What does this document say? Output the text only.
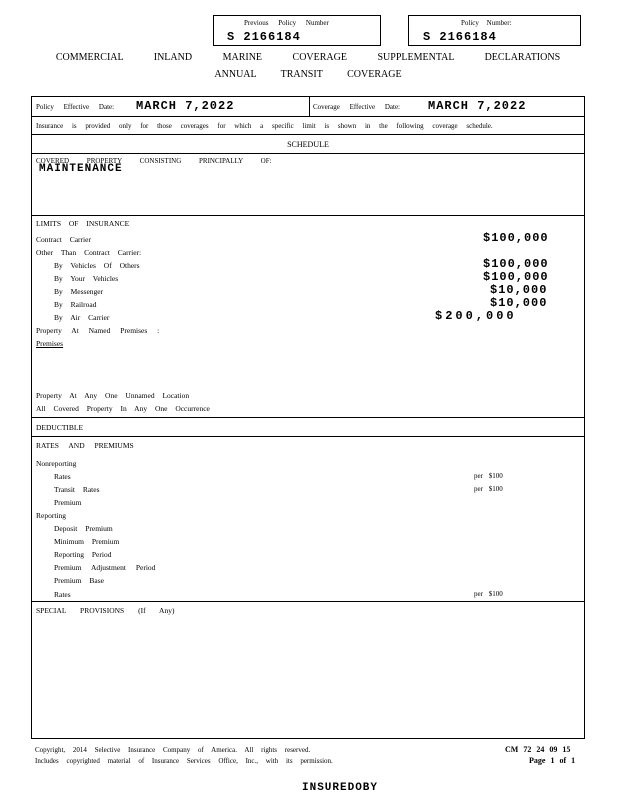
Previous Policy Number
S 2166184
Policy Number:
S 2166184
COMMERCIAL INLAND MARINE COVERAGE SUPPLEMENTAL DECLARATIONS
ANNUAL TRANSIT COVERAGE
Policy Effective Date: MARCH 7,2022	Coverage Effective Date: MARCH 7,2022
Insurance is provided only for those coverages for which a specific limit is shown in the following coverage schedule.
SCHEDULE
COVERED PROPERTY CONSISTING PRINCIPALLY OF:
MAINTENANCE
LIMITS OF INSURANCE
Contract Carrier	$100,000
Other Than Contract Carrier:
By Vehicles Of Others	$100,000
By Your Vehicles	$100,000
By Messenger	$10,000
By Railroad	$10,000
By Air Carrier	$200,000
Property At Named Premises :
Premises
Property At Any One Unnamed Location
All Covered Property In Any One Occurrence
DEDUCTIBLE
RATES AND PREMIUMS
Nonreporting
Rates	per $100
Transit Rates	per $100
Premium
Reporting
Deposit Premium
Minimum Premium
Reporting Period
Premium Adjustment Period
Premium Base
Rates	per $100
SPECIAL PROVISIONS (If Any)
Copyright, 2014 Selective Insurance Company of America. All rights reserved.
Includes copyrighted material of Insurance Services Office, Inc., with its permission.
CM 72 24 09 15
Page 1 of 1
INSUREDOBY
